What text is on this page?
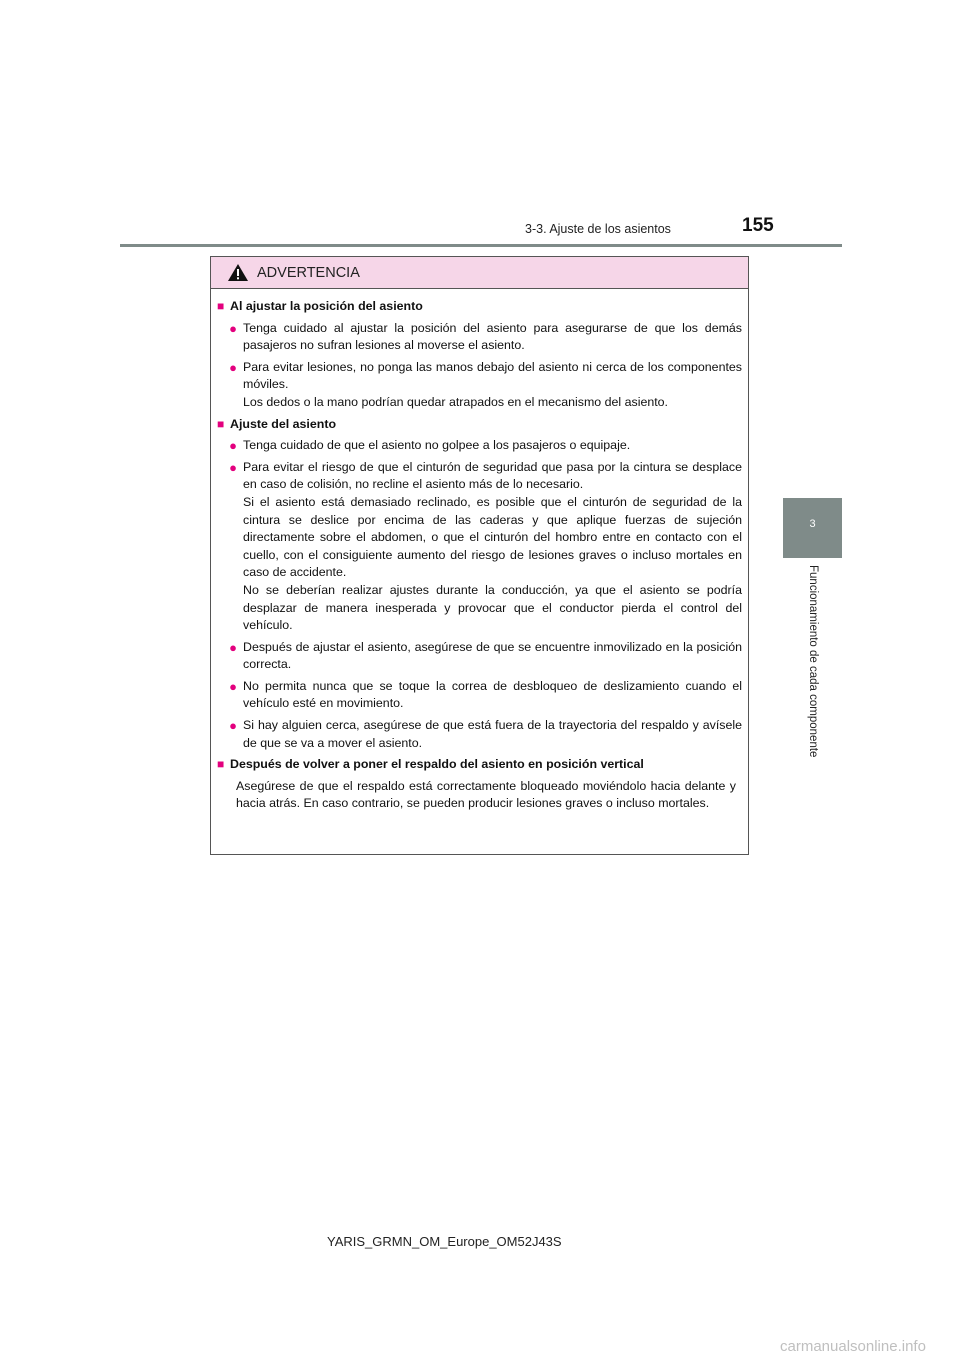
3-3. Ajuste de los asientos	155
3
Funcionamiento de cada componente
ADVERTENCIA
■ Al ajustar la posición del asiento
● Tenga cuidado al ajustar la posición del asiento para asegurarse de que los demás pasajeros no sufran lesiones al moverse el asiento.

● Para evitar lesiones, no ponga las manos debajo del asiento ni cerca de los componentes móviles.

Los dedos o la mano podrían quedar atrapados en el mecanismo del asiento.

■ Ajuste del asiento
● Tenga cuidado de que el asiento no golpee a los pasajeros o equipaje.

● Para evitar el riesgo de que el cinturón de seguridad que pasa por la cintura se desplace en caso de colisión, no recline el asiento más de lo necesario.

Si el asiento está demasiado reclinado, es posible que el cinturón de seguridad de la cintura se deslice por encima de las caderas y que aplique fuerzas de sujeción directamente sobre el abdomen, o que el cinturón del hombro entre en contacto con el cuello, con el consiguiente aumento del riesgo de lesiones graves o incluso mortales en caso de accidente.

No se deberían realizar ajustes durante la conducción, ya que el asiento se podría desplazar de manera inesperada y provocar que el conductor pierda el control del vehículo.

● Después de ajustar el asiento, asegúrese de que se encuentre inmovilizado en la posición correcta.

● No permita nunca que se toque la correa de desbloqueo de deslizamiento cuando el vehículo esté en movimiento.

● Si hay alguien cerca, asegúrese de que está fuera de la trayectoria del respaldo y avísele de que se va a mover el asiento.

■ Después de volver a poner el respaldo del asiento en posición vertical
Asegúrese de que el respaldo está correctamente bloqueado moviéndolo hacia delante y hacia atrás. En caso contrario, se pueden producir lesiones graves o incluso mortales.
YARIS_GRMN_OM_Europe_OM52J43S
carmanualsonline.info
